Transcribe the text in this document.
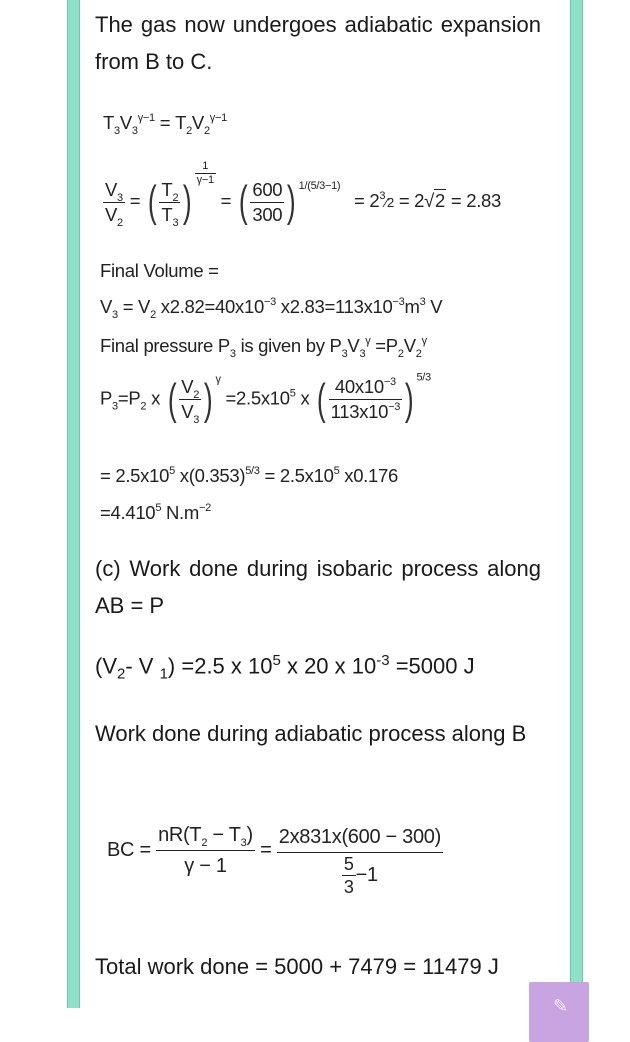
The gas now undergoes adiabatic expansion from B to C.

$T_3V_3^{\gamma-1} = T_2V_2^{\gamma-1}$
$\frac{V_3}{V_2}$ = ( $\frac{T_2}{T_3}$ )
$\frac{1}{\gamma-1}$
= ( $\frac{600}{300}$ ) $^{1/(5/3-1)} = 2^3⁄2 = 2√2 = 2.83$
Final Volume =
$V_3 = V_2$ $x2.82=40x10^{-3}$ $x2.83=113x10^{-3}m^3$ V
Final pressure $P_3$ is given by $P_3V_3^\gamma =P_2V_2^\gamma$
$P_3=P_2$ x ( $\frac{V_2}{V_3}$ ) $^\gamma =2.5x10^5$ x ( $\frac{40x10^{-3}}{113x10^{-3}}$ ) $^{5/3}$
= $2.5x10^5$ $x(0.353)^{5/3} = 2.5x10^5$ x0.176
$=4.410^5$ $N.m^{-2}$

(c) Work done during isobaric process along AB = P

($V_2-$ V $_1$) =2.5 x $10^5$ x 20 x $10^{-3} =5000$ J

Work done during adiabatic process along B

BC = $\frac{nR(T_2 - T_3)}{\gamma - 1} = \frac{2x831x(600 - 300)}{\frac{5}{3} -1}$

Total work done = 5000 + 7479 = 11479 J

✎
